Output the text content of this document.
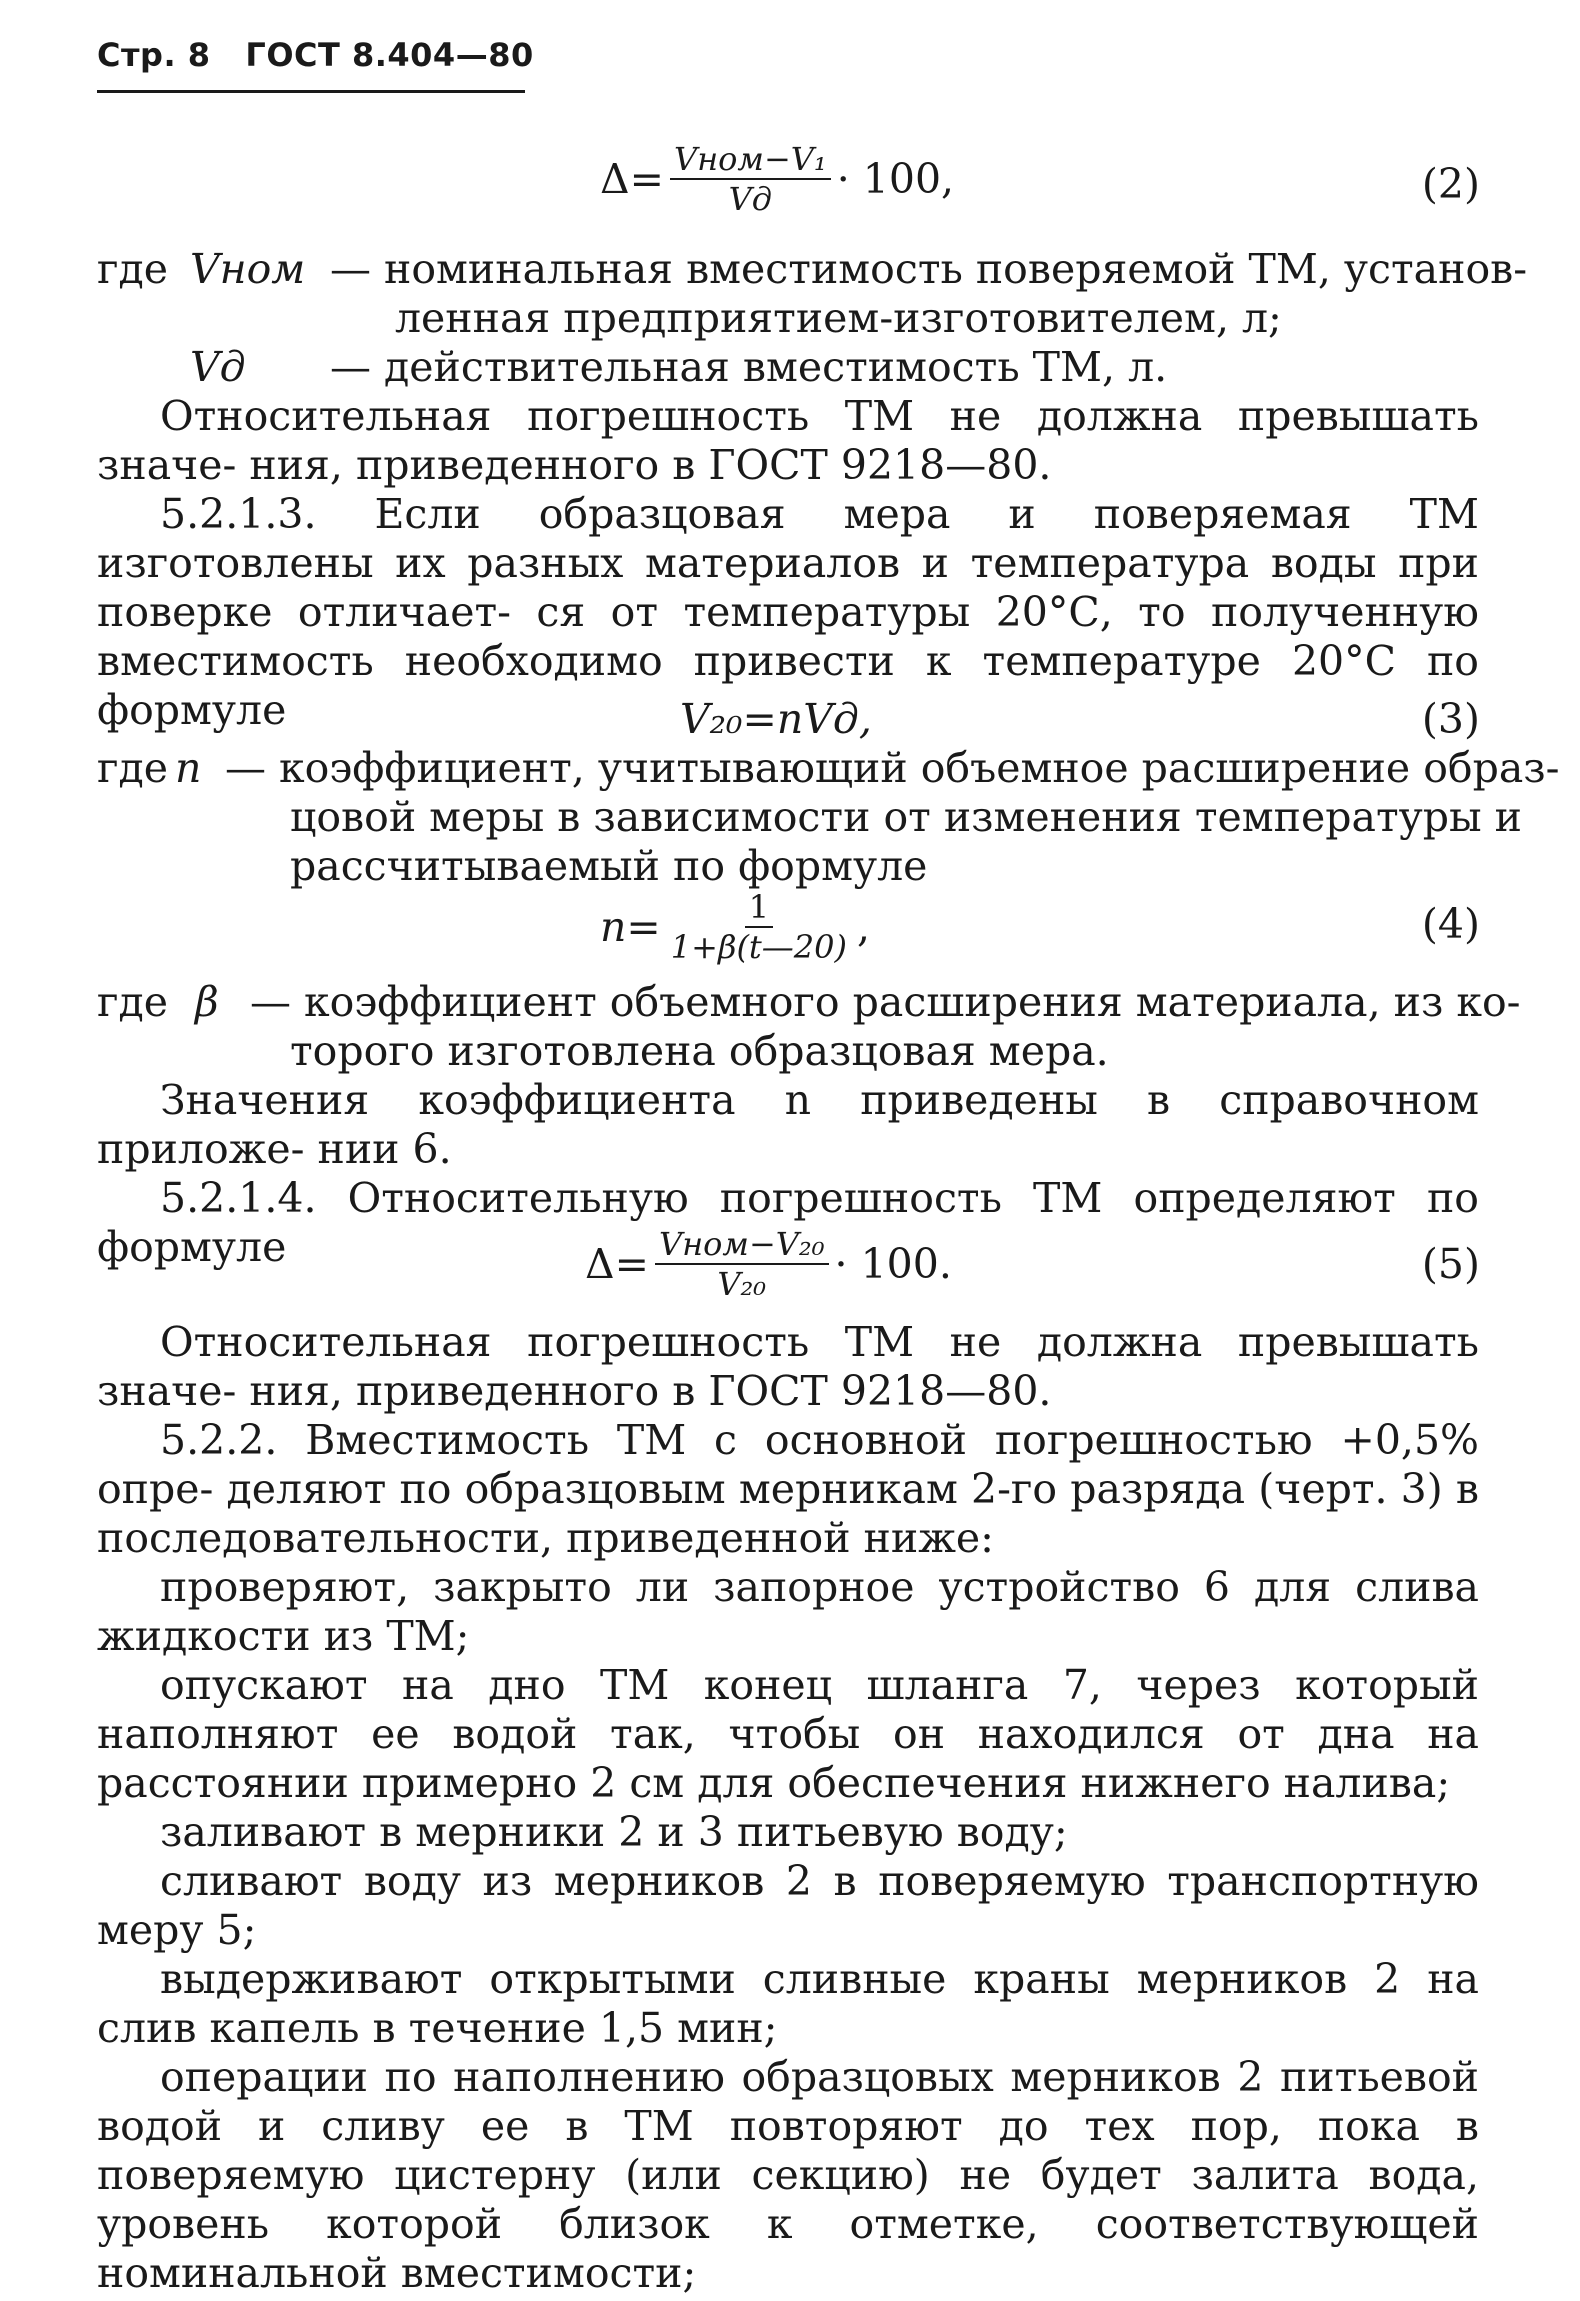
Стр. 8 ГОСТ 8.404—80
$\Delta= \frac{\text{Vном−V₁}}{Vд} \cdot 100$,	(2)
где Vном — номинальная вместимость поверяемой ТМ, установ-
ленная предприятием-изготовителем, л;
Vд — действительная вместимость ТМ, л.
Относительная погрешность ТМ не должна превышать значе- ния, приведенного в ГОСТ 9218—80.
5.2.1.3. Если образцовая мера и поверяемая ТМ изготовлены их разных материалов и температура воды при поверке отличает- ся от температуры 20°С, то полученную вместимость необходимо привести к температуре 20°С по формуле	V₂₀=nVд,	(3)
где n — коэффициент, учитывающий объемное расширение образ-
цовой меры в зависимости от изменения температуры и
рассчитываемый по формуле
$n= \frac{1}{1+\beta(t—20)}$ ,	(4)
где β — коэффициент объемного расширения материала, из ко-
торого изготовлена образцовая мера.
Значения коэффициента n приведены в справочном приложе- нии 6.
5.2.1.4. Относительную погрешность ТМ определяют по формуле	$\Delta= \frac{\text{Vном−V₂₀}}{\text{V₂₀}} \cdot 100$.	(5)
Относительная погрешность ТМ не должна превышать значе- ния, приведенного в ГОСТ 9218—80.
5.2.2. Вместимость ТМ с основной погрешностью +0,5% опре- деляют по образцовым мерникам 2-го разряда (черт. 3) в последовательности, приведенной ниже:
проверяют, закрыто ли запорное устройство 6 для слива жидкости из ТМ;
опускают на дно ТМ конец шланга 7, через который наполняют ее водой так, чтобы он находился от дна на расстоянии примерно 2 см для обеспечения нижнего налива;
заливают в мерники 2 и 3 питьевую воду;
сливают воду из мерников 2 в поверяемую транспортную меру 5;
выдерживают открытыми сливные краны мерников 2 на слив капель в течение 1,5 мин;
операции по наполнению образцовых мерников 2 питьевой водой и сливу ее в ТМ повторяют до тех пор, пока в поверяемую цистерну (или секцию) не будет залита вода, уровень которой близок к отметке, соответствующей номинальной вместимости;
